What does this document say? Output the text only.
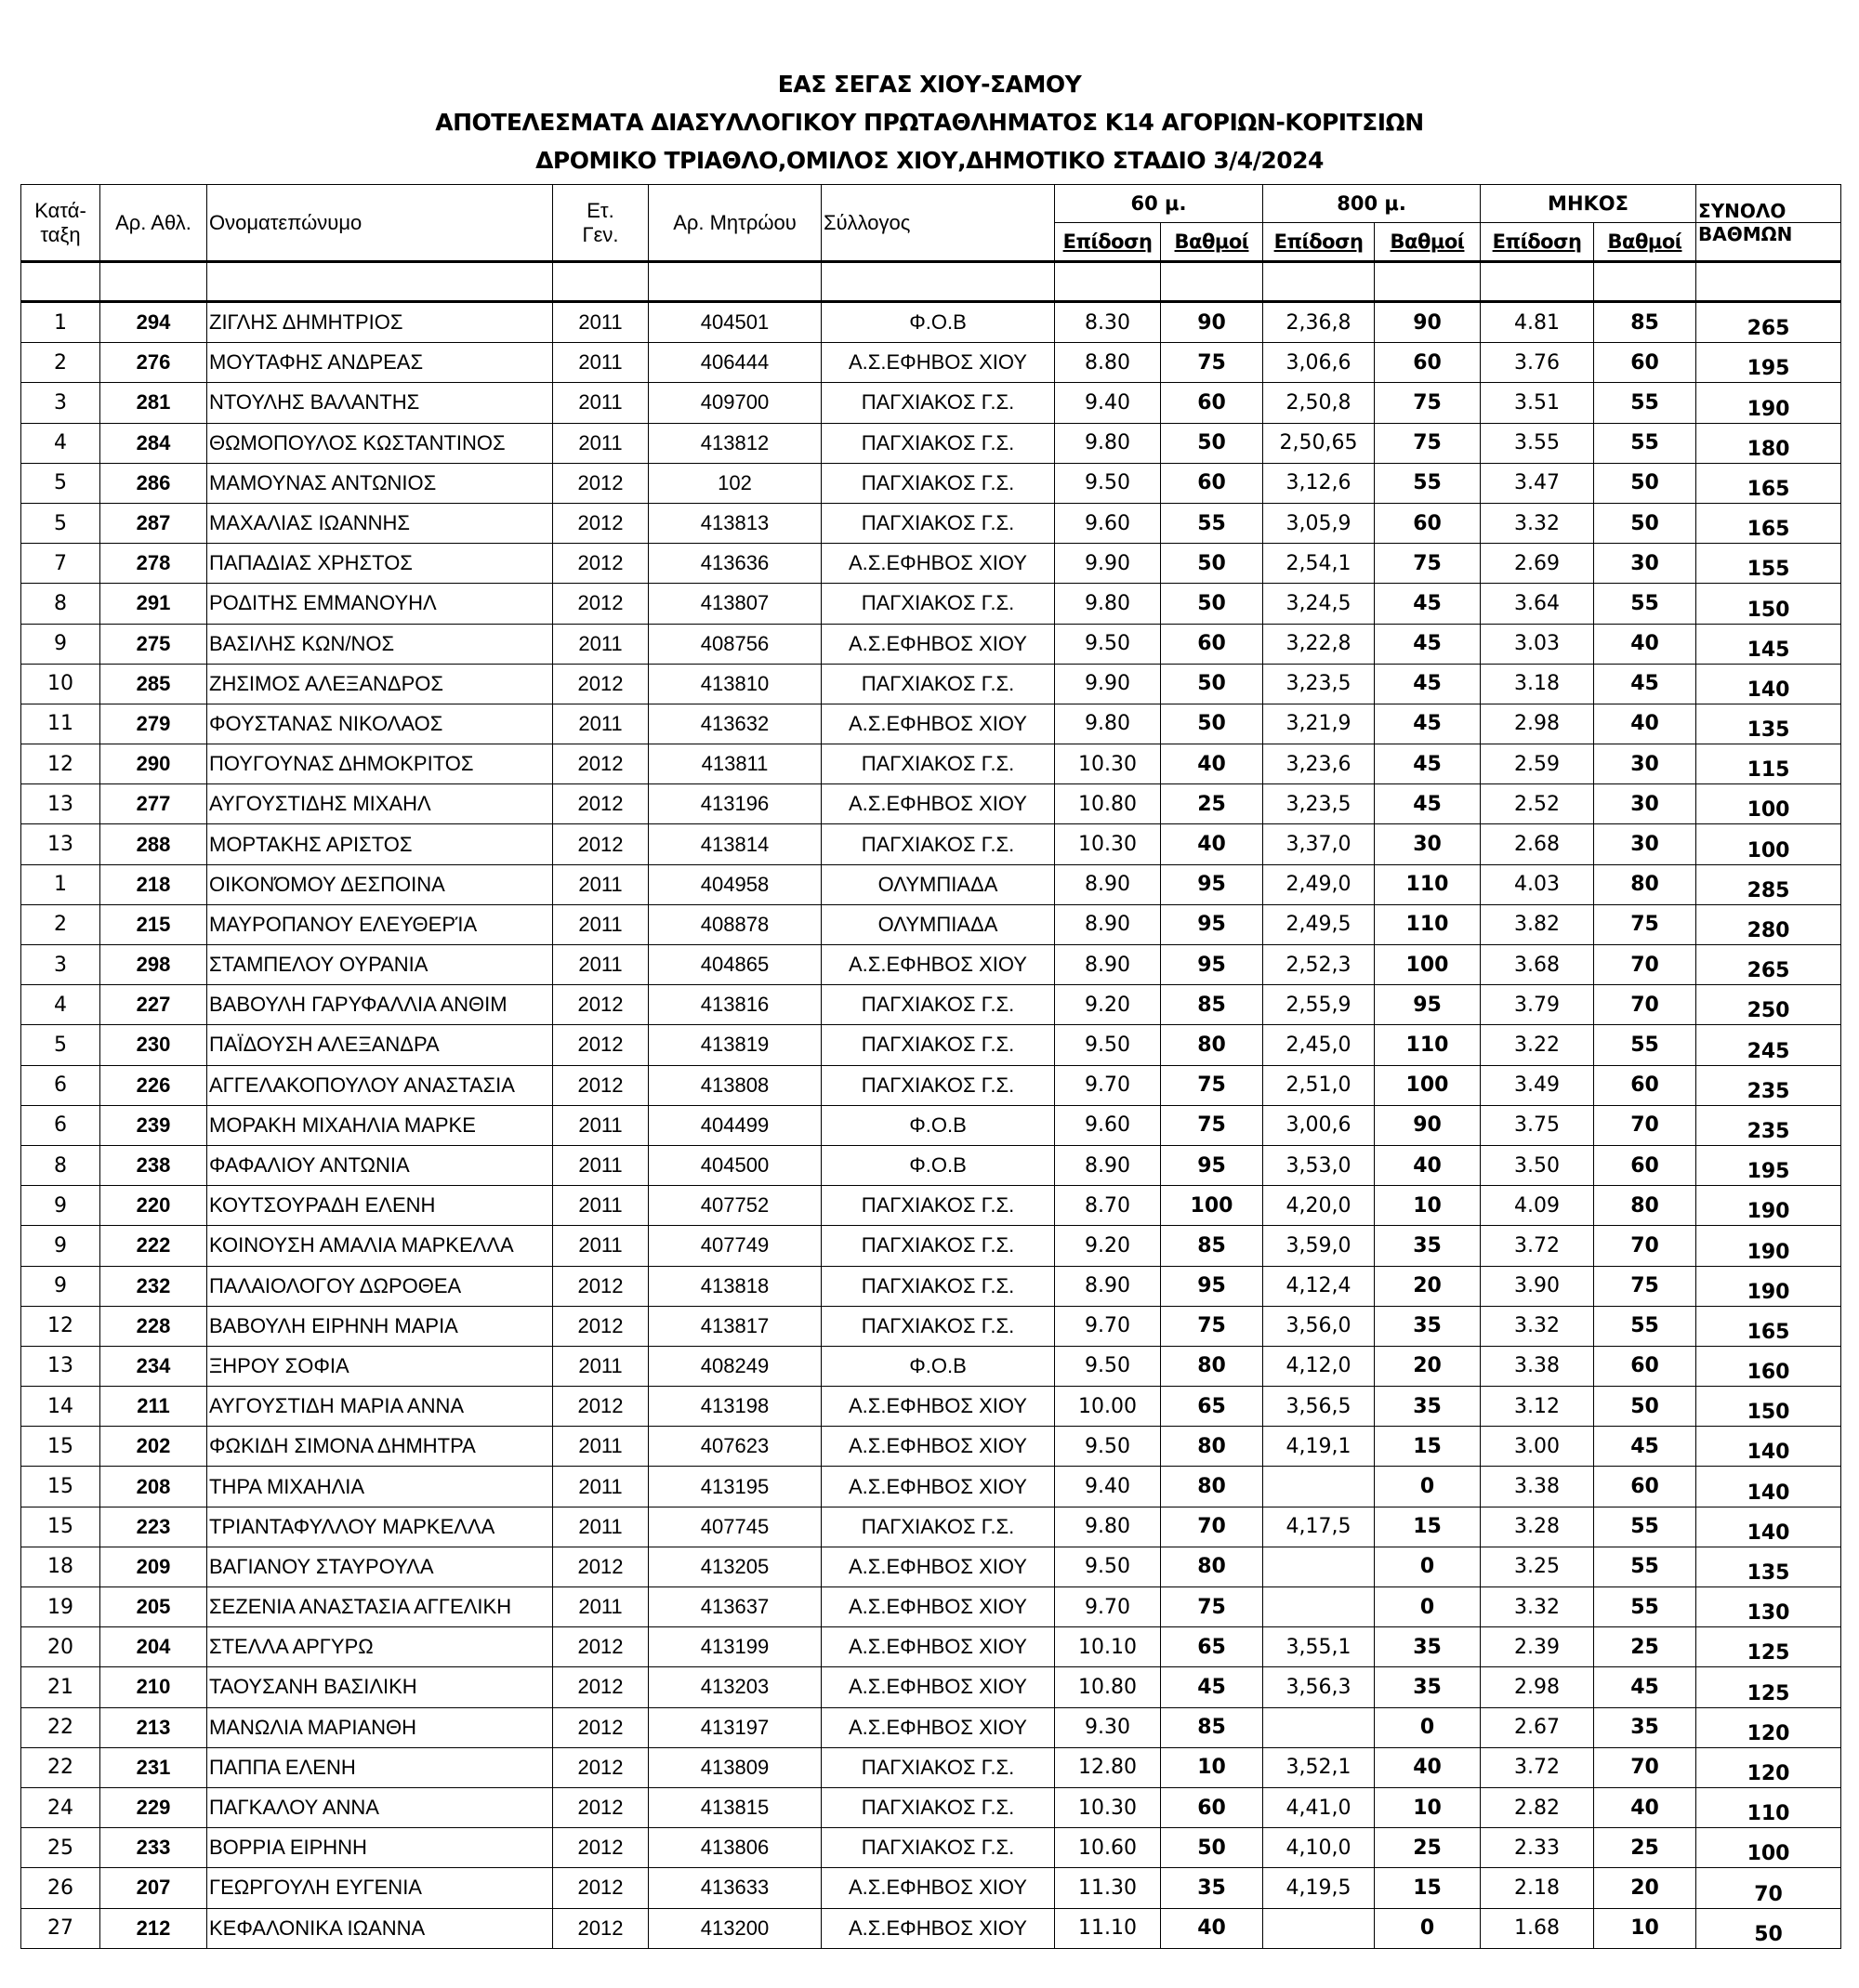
ΕΑΣ ΣΕΓΑΣ ΧΙΟΥ-ΣΑΜΟΥ
ΑΠΟΤΕΛΕΣΜΑΤΑ ΔΙΑΣΥΛΛΟΓΙΚΟΥ ΠΡΩΤΑΘΛΗΜΑΤΟΣ Κ14 ΑΓΟΡΙΩΝ-ΚΟΡΙΤΣΙΩΝ
ΔΡΟΜΙΚΟ ΤΡΙΑΘΛΟ,ΟΜΙΛΟΣ ΧΙΟΥ,ΔΗΜΟΤΙΚΟ ΣΤΑΔΙΟ 3/4/2024
Κατά-
ταξη	Αρ. Αθλ.	Ονοματεπώνυμο	Ετ.
Γεν.	Αρ. Μητρώου	Σύλλογος	60 μ.		800 μ.		ΜΗΚΟΣ		ΣΥΝΟΛΟ
						Επίδοση	Βαθμοί	Επίδοση	Βαθμοί	Επίδοση	Βαθμοί	ΒΑΘΜΩΝ

1	294	ΖΙΓΛΗΣ ΔΗΜΗΤΡΙΟΣ	2011	404501	Φ.Ο.Β	8.30	90	2,36,8	90	4.81	85	265
2	276	ΜΟΥΤΑΦΗΣ ΑΝΔΡΕΑΣ	2011	406444	Α.Σ.ΕΦΗΒΟΣ ΧΙΟΥ	8.80	75	3,06,6	60	3.76	60	195
3	281	ΝΤΟΥΛΗΣ ΒΑΛΑΝΤΗΣ	2011	409700	ΠΑΓΧΙΑΚΟΣ Γ.Σ.	9.40	60	2,50,8	75	3.51	55	190
4	284	ΘΩΜΟΠΟΥΛΟΣ ΚΩΣΤΑΝΤΙΝΟΣ	2011	413812	ΠΑΓΧΙΑΚΟΣ Γ.Σ.	9.80	50	2,50,65	75	3.55	55	180
5	286	ΜΑΜΟΥΝΑΣ ΑΝΤΩΝΙΟΣ	2012	102	ΠΑΓΧΙΑΚΟΣ Γ.Σ.	9.50	60	3,12,6	55	3.47	50	165
5	287	ΜΑΧΑΛΙΑΣ ΙΩΑΝΝΗΣ	2012	413813	ΠΑΓΧΙΑΚΟΣ Γ.Σ.	9.60	55	3,05,9	60	3.32	50	165
7	278	ΠΑΠΑΔΙΑΣ ΧΡΗΣΤΟΣ	2012	413636	Α.Σ.ΕΦΗΒΟΣ ΧΙΟΥ	9.90	50	2,54,1	75	2.69	30	155
8	291	ΡΟΔΙΤΗΣ ΕΜΜΑΝΟΥΗΛ	2012	413807	ΠΑΓΧΙΑΚΟΣ Γ.Σ.	9.80	50	3,24,5	45	3.64	55	150
9	275	ΒΑΣΙΛΗΣ ΚΩΝ/ΝΟΣ	2011	408756	Α.Σ.ΕΦΗΒΟΣ ΧΙΟΥ	9.50	60	3,22,8	45	3.03	40	145
10	285	ΖΗΣΙΜΟΣ ΑΛΕΞΑΝΔΡΟΣ	2012	413810	ΠΑΓΧΙΑΚΟΣ Γ.Σ.	9.90	50	3,23,5	45	3.18	45	140
11	279	ΦΟΥΣΤΑΝΑΣ ΝΙΚΟΛΑΟΣ	2011	413632	Α.Σ.ΕΦΗΒΟΣ ΧΙΟΥ	9.80	50	3,21,9	45	2.98	40	135
12	290	ΠΟΥΓΟΥΝΑΣ ΔΗΜΟΚΡΙΤΟΣ	2012	413811	ΠΑΓΧΙΑΚΟΣ Γ.Σ.	10.30	40	3,23,6	45	2.59	30	115
13	277	ΑΥΓΟΥΣΤΙΔΗΣ ΜΙΧΑΗΛ	2012	413196	Α.Σ.ΕΦΗΒΟΣ ΧΙΟΥ	10.80	25	3,23,5	45	2.52	30	100
13	288	ΜΟΡΤΑΚΗΣ ΑΡΙΣΤΟΣ	2012	413814	ΠΑΓΧΙΑΚΟΣ Γ.Σ.	10.30	40	3,37,0	30	2.68	30	100
1	218	ΟΙΚΟΝΌΜΟΥ ΔΕΣΠΟΙΝΑ	2011	404958	ΟΛΥΜΠΙΑΔΑ	8.90	95	2,49,0	110	4.03	80	285
2	215	ΜΑΥΡΟΠΑΝΟΥ ΕΛΕΥΘΕΡΊΑ	2011	408878	ΟΛΥΜΠΙΑΔΑ	8.90	95	2,49,5	110	3.82	75	280
3	298	ΣΤΑΜΠΕΛΟΥ ΟΥΡΑΝΙΑ	2011	404865	Α.Σ.ΕΦΗΒΟΣ ΧΙΟΥ	8.90	95	2,52,3	100	3.68	70	265
4	227	ΒΑΒΟΥΛΗ ΓΑΡΥΦΑΛΛΙΑ ΑΝΘΙΜ	2012	413816	ΠΑΓΧΙΑΚΟΣ Γ.Σ.	9.20	85	2,55,9	95	3.79	70	250
5	230	ΠΑΪΔΟΥΣΗ ΑΛΕΞΑΝΔΡΑ	2012	413819	ΠΑΓΧΙΑΚΟΣ Γ.Σ.	9.50	80	2,45,0	110	3.22	55	245
6	226	ΑΓΓΕΛΑΚΟΠΟΥΛΟΥ ΑΝΑΣΤΑΣΙΑ	2012	413808	ΠΑΓΧΙΑΚΟΣ Γ.Σ.	9.70	75	2,51,0	100	3.49	60	235
6	239	ΜΟΡΑΚΗ ΜΙΧΑΗΛΙΑ ΜΑΡΚΕ	2011	404499	Φ.Ο.Β	9.60	75	3,00,6	90	3.75	70	235
8	238	ΦΑΦΑΛΙΟΥ ΑΝΤΩΝΙΑ	2011	404500	Φ.Ο.Β	8.90	95	3,53,0	40	3.50	60	195
9	220	ΚΟΥΤΣΟΥΡΑΔΗ ΕΛΕΝΗ	2011	407752	ΠΑΓΧΙΑΚΟΣ Γ.Σ.	8.70	100	4,20,0	10	4.09	80	190
9	222	ΚΟΙΝΟΥΣΗ ΑΜΑΛΙΑ ΜΑΡΚΕΛΛΑ	2011	407749	ΠΑΓΧΙΑΚΟΣ Γ.Σ.	9.20	85	3,59,0	35	3.72	70	190
9	232	ΠΑΛΑΙΟΛΟΓΟΥ ΔΩΡΟΘΕΑ	2012	413818	ΠΑΓΧΙΑΚΟΣ Γ.Σ.	8.90	95	4,12,4	20	3.90	75	190
12	228	ΒΑΒΟΥΛΗ ΕΙΡΗΝΗ ΜΑΡΙΑ	2012	413817	ΠΑΓΧΙΑΚΟΣ Γ.Σ.	9.70	75	3,56,0	35	3.32	55	165
13	234	ΞΗΡΟΥ ΣΟΦΙΑ	2011	408249	Φ.Ο.Β	9.50	80	4,12,0	20	3.38	60	160
14	211	ΑΥΓΟΥΣΤΙΔΗ ΜΑΡΙΑ ΑΝΝΑ	2012	413198	Α.Σ.ΕΦΗΒΟΣ ΧΙΟΥ	10.00	65	3,56,5	35	3.12	50	150
15	202	ΦΩΚΙΔΗ ΣΙΜΟΝΑ ΔΗΜΗΤΡΑ	2011	407623	Α.Σ.ΕΦΗΒΟΣ ΧΙΟΥ	9.50	80	4,19,1	15	3.00	45	140
15	208	ΤΗΡΑ ΜΙΧΑΗΛΙΑ	2011	413195	Α.Σ.ΕΦΗΒΟΣ ΧΙΟΥ	9.40	80		0	3.38	60	140
15	223	ΤΡΙΑΝΤΑΦΥΛΛΟΥ ΜΑΡΚΕΛΛΑ	2011	407745	ΠΑΓΧΙΑΚΟΣ Γ.Σ.	9.80	70	4,17,5	15	3.28	55	140
18	209	ΒΑΓΙΑΝΟΥ ΣΤΑΥΡΟΥΛΑ	2012	413205	Α.Σ.ΕΦΗΒΟΣ ΧΙΟΥ	9.50	80		0	3.25	55	135
19	205	ΣΕΖΕΝΙΑ ΑΝΑΣΤΑΣΙΑ ΑΓΓΕΛΙΚΗ	2011	413637	Α.Σ.ΕΦΗΒΟΣ ΧΙΟΥ	9.70	75		0	3.32	55	130
20	204	ΣΤΕΛΛΑ ΑΡΓΥΡΩ	2012	413199	Α.Σ.ΕΦΗΒΟΣ ΧΙΟΥ	10.10	65	3,55,1	35	2.39	25	125
21	210	ΤΑΟΥΣΑΝΗ ΒΑΣΙΛΙΚΗ	2012	413203	Α.Σ.ΕΦΗΒΟΣ ΧΙΟΥ	10.80	45	3,56,3	35	2.98	45	125
22	213	ΜΑΝΩΛΙΑ ΜΑΡΙΑΝΘΗ	2012	413197	Α.Σ.ΕΦΗΒΟΣ ΧΙΟΥ	9.30	85		0	2.67	35	120
22	231	ΠΑΠΠΑ ΕΛΕΝΗ	2012	413809	ΠΑΓΧΙΑΚΟΣ Γ.Σ.	12.80	10	3,52,1	40	3.72	70	120
24	229	ΠΑΓΚΑΛΟΥ ΑΝΝΑ	2012	413815	ΠΑΓΧΙΑΚΟΣ Γ.Σ.	10.30	60	4,41,0	10	2.82	40	110
25	233	ΒΟΡΡΙΑ ΕΙΡΗΝΗ	2012	413806	ΠΑΓΧΙΑΚΟΣ Γ.Σ.	10.60	50	4,10,0	25	2.33	25	100
26	207	ΓΕΩΡΓΟΥΛΗ ΕΥΓΕΝΙΑ	2012	413633	Α.Σ.ΕΦΗΒΟΣ ΧΙΟΥ	11.30	35	4,19,5	15	2.18	20	70
27	212	ΚΕΦΑΛΟΝΙΚΑ ΙΩΑΝΝΑ	2012	413200	Α.Σ.ΕΦΗΒΟΣ ΧΙΟΥ	11.10	40		0	1.68	10	50
